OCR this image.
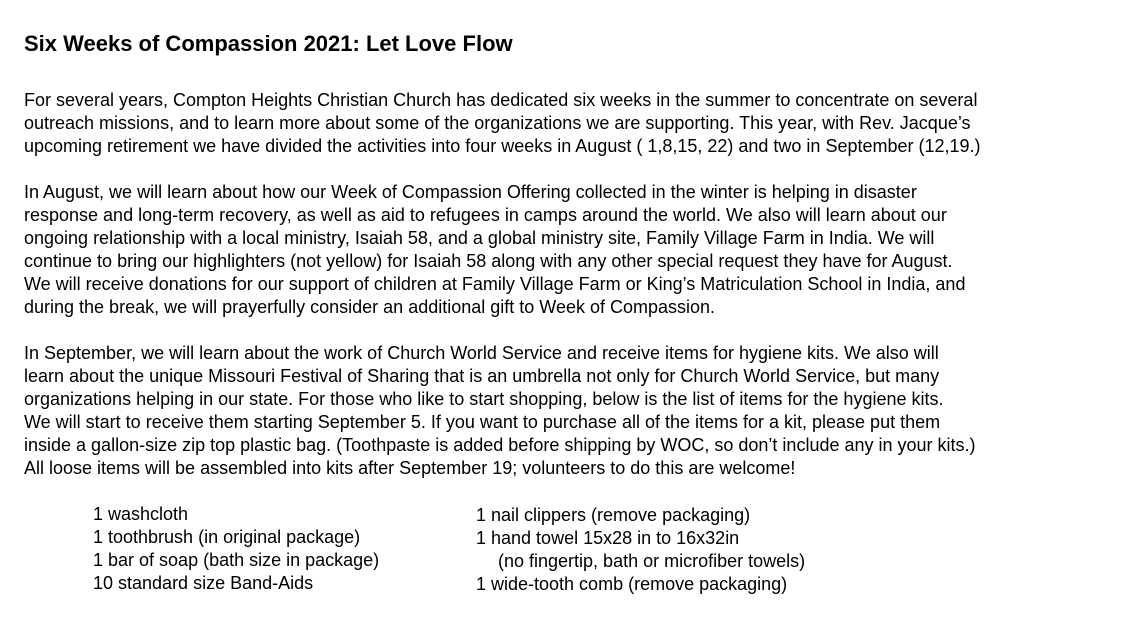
Six Weeks of Compassion 2021: Let Love Flow
For several years, Compton Heights Christian Church has dedicated six weeks in the summer to concentrate on several
outreach missions, and to learn more about some of the organizations we are supporting. This year, with Rev. Jacque’s
upcoming retirement we have divided the activities into four weeks in August ( 1,8,15, 22) and two in September (12,19.)
In August, we will learn about how our Week of Compassion Offering collected in the winter is helping in disaster
response and long-term recovery, as well as aid to refugees in camps around the world. We also will learn about our
ongoing relationship with a local ministry, Isaiah 58, and a global ministry site, Family Village Farm in India. We will
continue to bring our highlighters (not yellow) for Isaiah 58 along with any other special request they have for August.
We will receive donations for our support of children at Family Village Farm or King’s Matriculation School in India, and
during the break, we will prayerfully consider an additional gift to Week of Compassion.
In September, we will learn about the work of Church World Service and receive items for hygiene kits. We also will
learn about the unique Missouri Festival of Sharing that is an umbrella not only for Church World Service, but many
organizations helping in our state. For those who like to start shopping, below is the list of items for the hygiene kits.
We will start to receive them starting September 5. If you want to purchase all of the items for a kit, please put them
inside a gallon-size zip top plastic bag. (Toothpaste is added before shipping by WOC, so don’t include any in your kits.)
All loose items will be assembled into kits after September 19; volunteers to do this are welcome!
1 washcloth
1 toothbrush (in original package)
1 bar of soap (bath size in package)
10 standard size Band-Aids
1 nail clippers (remove packaging)
1 hand towel 15x28 in to 16x32in
(no fingertip, bath or microfiber towels)
1 wide-tooth comb (remove packaging)
